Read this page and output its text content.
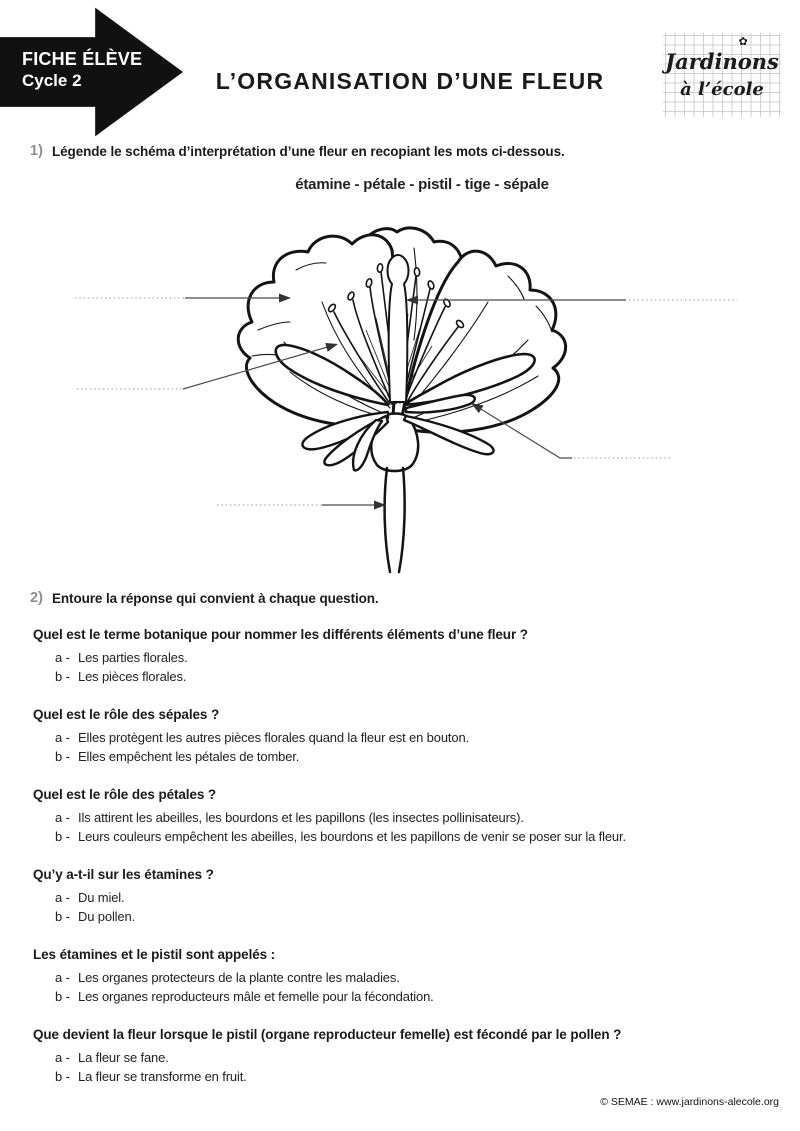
FICHE ÉLÈVE
Cycle 2	L’ORGANISATION D’UNE FLEUR
✿
Jardinons
à l’école
1) Légende le schéma d’interprétation d’une fleur en recopiant les mots ci-dessous.
étamine - pétale - pistil - tige - sépale
2) Entoure la réponse qui convient à chaque question.
Quel est le terme botanique pour nommer les différents éléments d’une fleur ?
a - Les parties florales.
b - Les pièces florales.
Quel est le rôle des sépales ?
a - Elles protègent les autres pièces florales quand la fleur est en bouton.
b - Elles empêchent les pétales de tomber.
Quel est le rôle des pétales ?
a - Ils attirent les abeilles, les bourdons et les papillons (les insectes pollinisateurs).
b - Leurs couleurs empêchent les abeilles, les bourdons et les papillons de venir se poser sur la fleur.
Qu’y a-t-il sur les étamines ?
a - Du miel.
b - Du pollen.
Les étamines et le pistil sont appelés :
a - Les organes protecteurs de la plante contre les maladies.
b - Les organes reproducteurs mâle et femelle pour la fécondation.
Que devient la fleur lorsque le pistil (organe reproducteur femelle) est fécondé par le pollen ?
a - La fleur se fane.
b - La fleur se transforme en fruit.
© SEMAE : www.jardinons-alecole.org
